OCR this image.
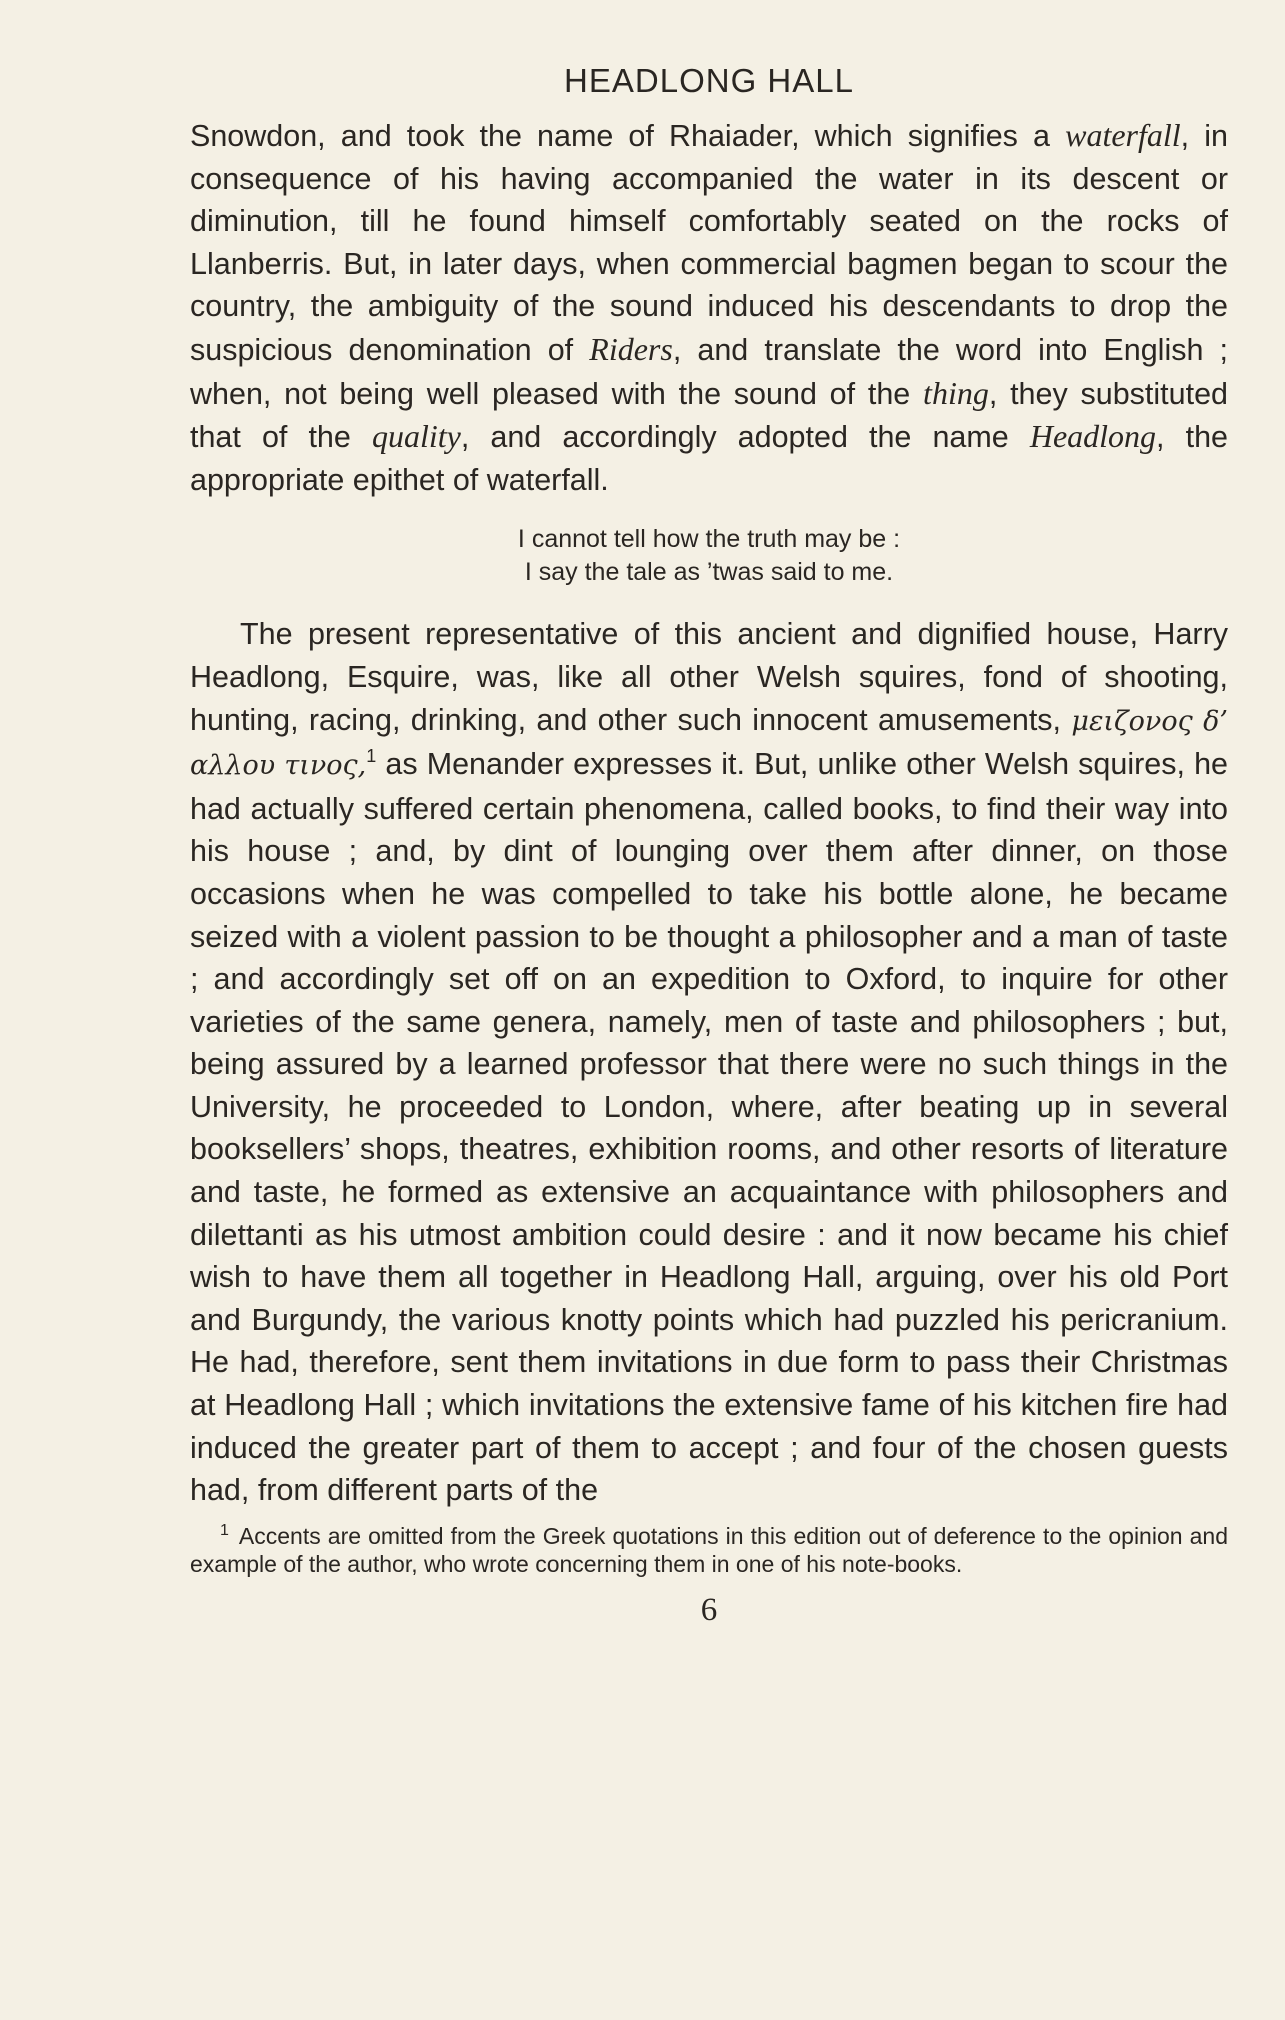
HEADLONG HALL

Snowdon, and took the name of Rhaiader, which signifies a waterfall, in consequence of his having accompanied the water in its descent or diminution, till he found himself comfortably seated on the rocks of Llanberris. But, in later days, when commercial bagmen began to scour the country, the ambiguity of the sound induced his descendants to drop the suspicious denomination of Riders, and translate the word into English ; when, not being well pleased with the sound of the thing, they substituted that of the quality, and accordingly adopted the name Headlong, the appropriate epithet of waterfall.

I cannot tell how the truth may be :
I say the tale as ’twas said to me.

The present representative of this ancient and dignified house, Harry Headlong, Esquire, was, like all other Welsh squires, fond of shooting, hunting, racing, drinking, and other such innocent amusements, μειζονος δ’ αλλου τινος,$^1$ as Menander expresses it. But, unlike other Welsh squires, he had actually suffered certain phenomena, called books, to find their way into his house ; and, by dint of lounging over them after dinner, on those occasions when he was compelled to take his bottle alone, he became seized with a violent passion to be thought a philosopher and a man of taste ; and accordingly set off on an expedition to Oxford, to inquire for other varieties of the same genera, namely, men of taste and philosophers ; but, being assured by a learned professor that there were no such things in the University, he proceeded to London, where, after beating up in several booksellers’ shops, theatres, exhibition rooms, and other resorts of literature and taste, he formed as extensive an acquaintance with philosophers and dilettanti as his utmost ambition could desire : and it now became his chief wish to have them all together in Headlong Hall, arguing, over his old Port and Burgundy, the various knotty points which had puzzled his pericranium. He had, therefore, sent them invitations in due form to pass their Christmas at Headlong Hall ; which invitations the extensive fame of his kitchen fire had induced the greater part of them to accept ; and four of the chosen guests had, from different parts of the

$^1$ Accents are omitted from the Greek quotations in this edition out of deference to the opinion and example of the author, who wrote concerning them in one of his note-books.

6
